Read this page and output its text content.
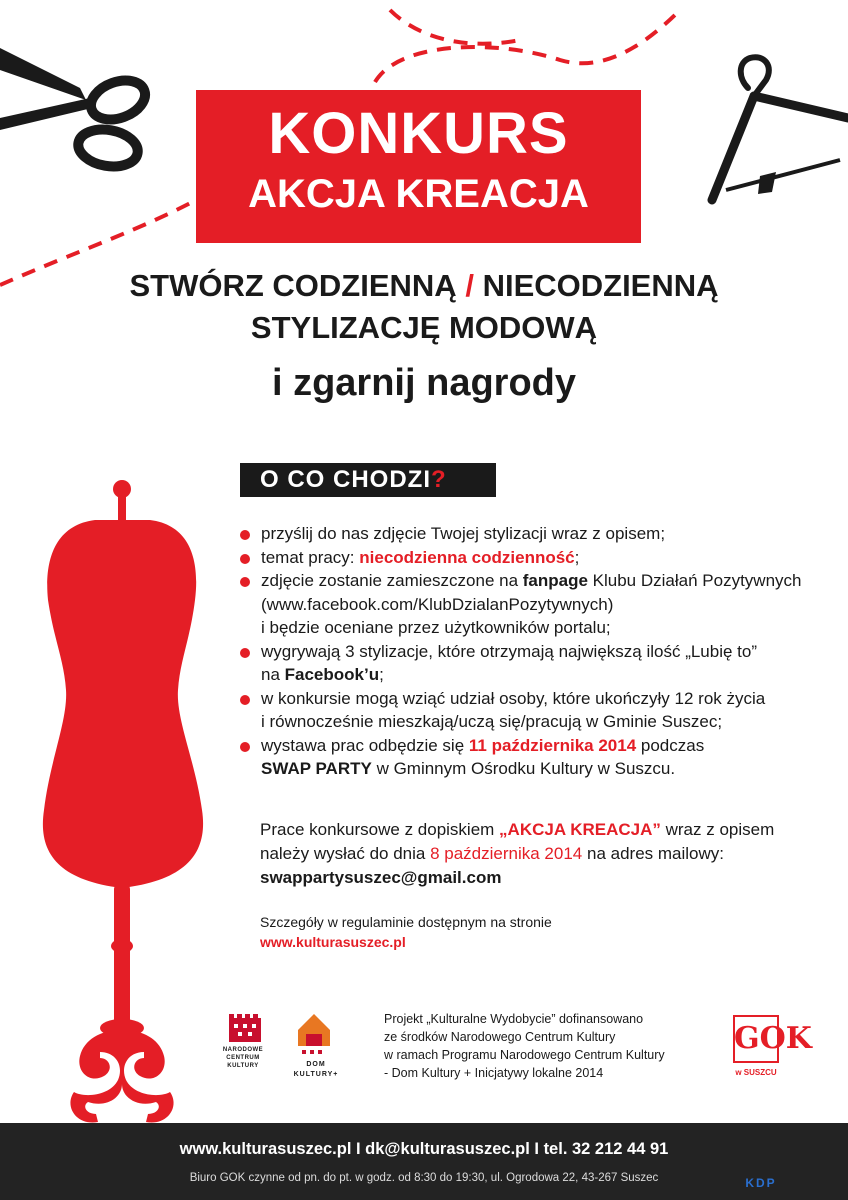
KONKURS
AKCJA KREACJA
STWÓRZ CODZIENNĄ / NIECODZIENNĄ
STYLIZACJĘ MODOWĄ
i zgarnij nagrody
O CO CHODZI?
przyślij do nas zdjęcie Twojej stylizacji wraz z opisem;
temat pracy: niecodzienna codzienność;
zdjęcie zostanie zamieszczone na fanpage Klubu Działań Pozytywnych
(www.facebook.com/KlubDzialanPozytywnych)
i będzie oceniane przez użytkowników portalu;
wygrywają 3 stylizacje, które otrzymają największą ilość „Lubię to”
na Facebook’u;
w konkursie mogą wziąć udział osoby, które ukończyły 12 rok życia
i równocześnie mieszkają/uczą się/pracują w Gminie Suszec;
wystawa prac odbędzie się 11 października 2014 podczas
SWAP PARTY w Gminnym Ośrodku Kultury w Suszcu.
Prace konkursowe z dopiskiem „AKCJA KREACJA” wraz z opisem
należy wysłać do dnia 8 października 2014 na adres mailowy:
swappartysuszec@gmail.com
Szczegóły w regulaminie dostępnym na stronie
www.kulturasuszec.pl
NARODOWE CENTRUM KULTURY	DOM KULTURY+
Projekt „Kulturalne Wydobycie” dofinansowano
ze środków Narodowego Centrum Kultury
w ramach Programu Narodowego Centrum Kultury
- Dom Kultury + Inicjatywy lokalne 2014
GOK
w SUSZCU
www.kulturasuszec.pl I dk@kulturasuszec.pl I tel. 32 212 44 91
Biuro GOK czynne od pn. do pt. w godz. od 8:30 do 19:30, ul. Ogrodowa 22, 43-267 Suszec	KDP
